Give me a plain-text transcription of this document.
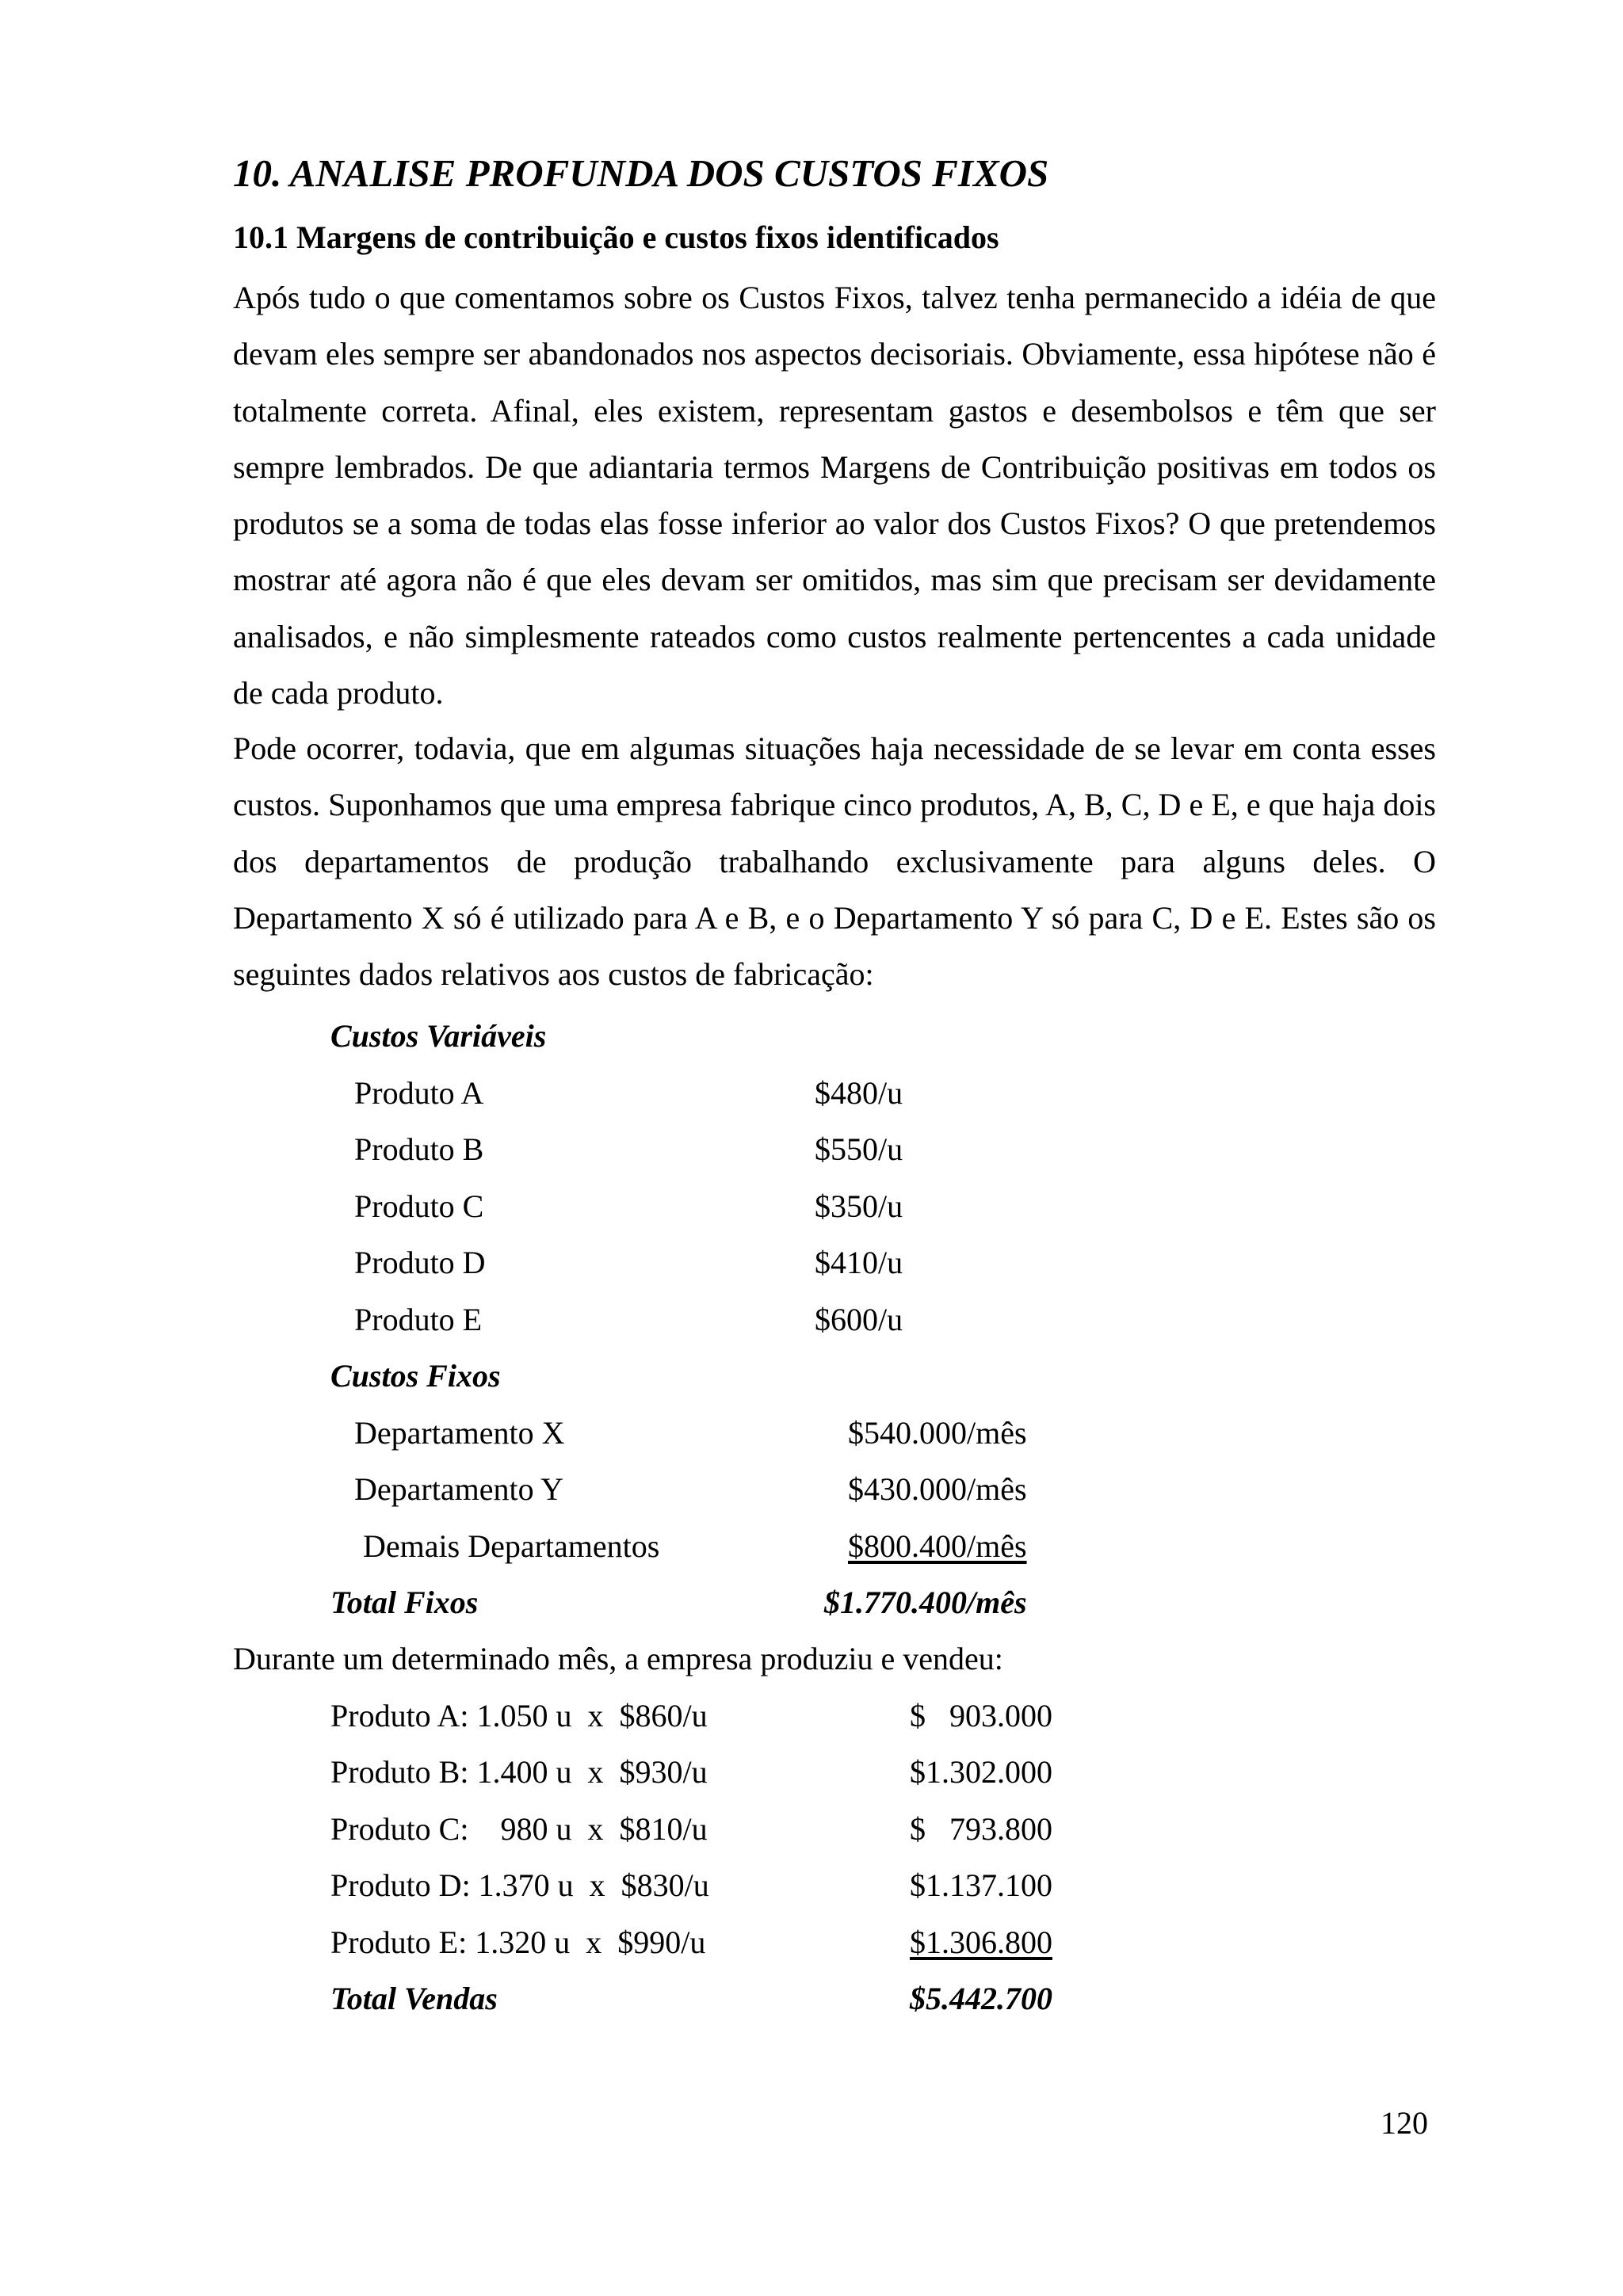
10. ANALISE PROFUNDA DOS CUSTOS FIXOS
10.1 Margens de contribuição e custos fixos identificados

Após tudo o que comentamos sobre os Custos Fixos, talvez tenha permanecido a idéia de que devam eles sempre ser abandonados nos aspectos decisoriais. Obviamente, essa hipótese não é totalmente correta. Afinal, eles existem, representam gastos e desembolsos e têm que ser sempre lembrados. De que adiantaria termos Margens de Contribuição positivas em todos os produtos se a soma de todas elas fosse inferior ao valor dos Custos Fixos? O que pretendemos mostrar até agora não é que eles devam ser omitidos, mas sim que precisam ser devidamente analisados, e não simplesmente rateados como custos realmente pertencentes a cada unidade de cada produto.

Pode ocorrer, todavia, que em algumas situações haja necessidade de se levar em conta esses custos. Suponhamos que uma empresa fabrique cinco produtos, A, B, C, D e E, e que haja dois dos departamentos de produção trabalhando exclusivamente para alguns deles. O Departamento X só é utilizado para A e B, e o Departamento Y só para C, D e E. Estes são os seguintes dados relativos aos custos de fabricação:

Custos Variáveis
Produto A	$480/u
Produto B	$550/u
Produto C	$350/u
Produto D	$410/u
Produto E	$600/u
Custos Fixos
Departamento X	$540.000/mês
Departamento Y	$430.000/mês
Demais Departamentos	$800.400/mês
Total Fixos	$1.770.400/mês
Durante um determinado mês, a empresa produziu e vendeu:
Produto A: 1.050 u  x  $860/u	$   903.000
Produto B: 1.400 u  x  $930/u	$1.302.000
Produto C:    980 u  x  $810/u	$   793.800
Produto D: 1.370 u  x  $830/u	$1.137.100
Produto E: 1.320 u  x  $990/u	$1.306.800
Total Vendas	$5.442.700
120
